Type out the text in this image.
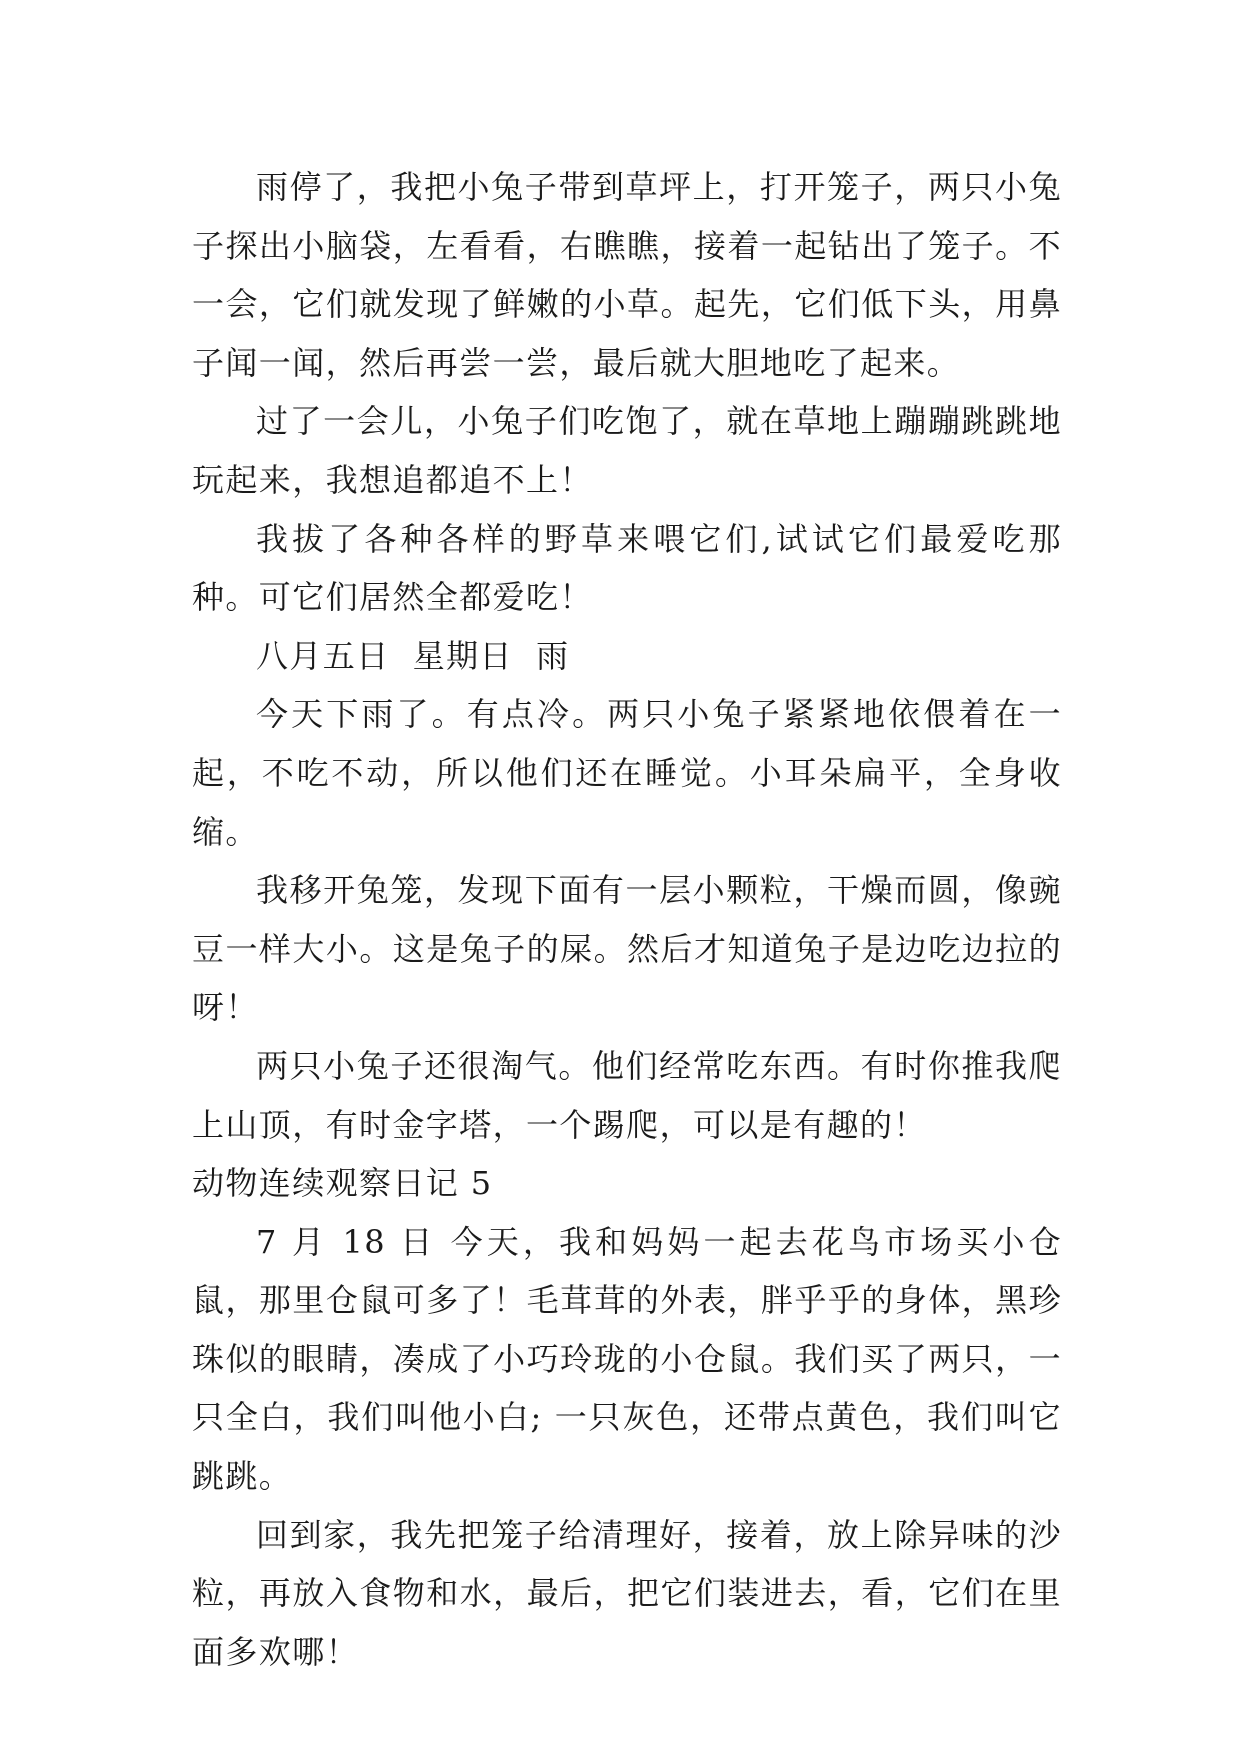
雨停了，我把小兔子带到草坪上，打开笼子，两只小兔子探出小脑袋，左看看，右瞧瞧，接着一起钻出了笼子。不一会，它们就发现了鲜嫩的小草。起先，它们低下头，用鼻子闻一闻，然后再尝一尝，最后就大胆地吃了起来。

过了一会儿，小兔子们吃饱了，就在草地上蹦蹦跳跳地玩起来，我想追都追不上！

我拔了各种各样的野草来喂它们,试试它们最爱吃那种。可它们居然全都爱吃！

八月五日  星期日  雨

今天下雨了。有点冷。两只小兔子紧紧地依偎着在一起，不吃不动，所以他们还在睡觉。小耳朵扁平，全身收缩。

我移开兔笼，发现下面有一层小颗粒，干燥而圆，像豌豆一样大小。这是兔子的屎。然后才知道兔子是边吃边拉的呀！

两只小兔子还很淘气。他们经常吃东西。有时你推我爬上山顶，有时金字塔，一个踢爬，可以是有趣的！

动物连续观察日记 5

7 月 18 日 今天，我和妈妈一起去花鸟市场买小仓鼠，那里仓鼠可多了！毛茸茸的外表，胖乎乎的身体，黑珍珠似的眼睛，凑成了小巧玲珑的小仓鼠。我们买了两只，一只全白，我们叫他小白; 一只灰色，还带点黄色，我们叫它跳跳。

回到家，我先把笼子给清理好，接着，放上除异味的沙粒，再放入食物和水，最后，把它们装进去，看，它们在里面多欢哪！
